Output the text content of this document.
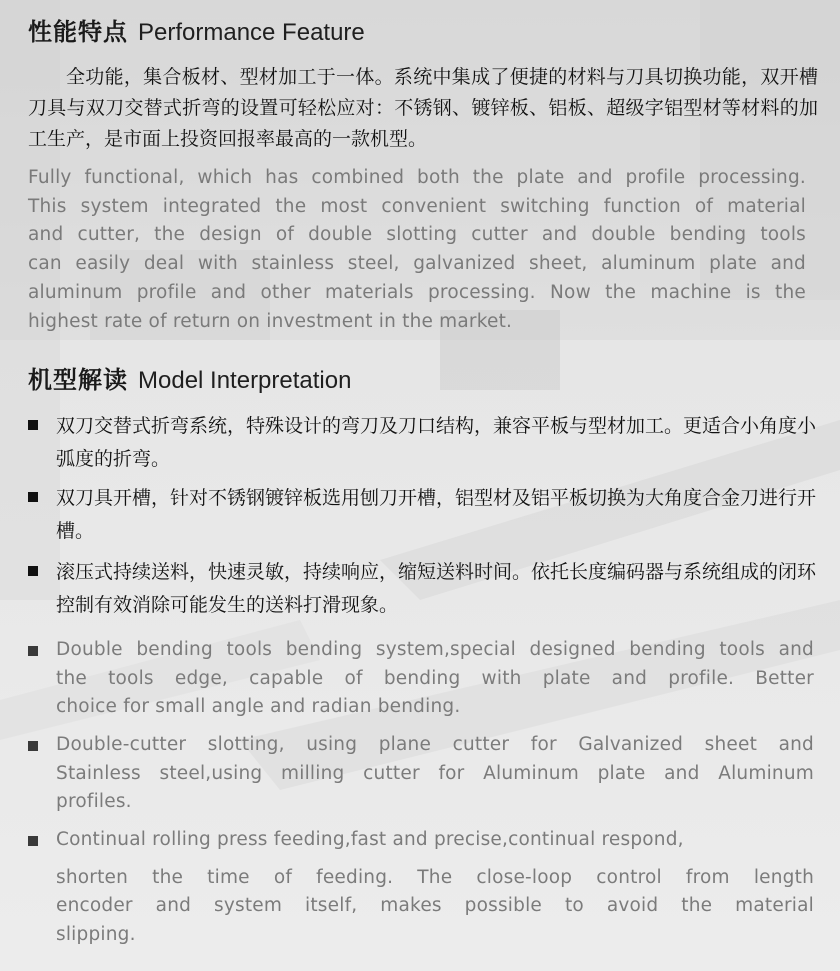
性能特点 Performance Feature

全功能，集合板材、型材加工于一体。系统中集成了便捷的材料与刀具切换功能，双开槽刀具与双刀交替式折弯的设置可轻松应对：不锈钢、镀锌板、铝板、超级字铝型材等材料的加工生产，是市面上投资回报率最高的一款机型。

Fully functional, which has combined both the plate and profile processing.
This system integrated the most convenient switching function of material
and cutter, the design of double slotting cutter and double bending tools
can easily deal with stainless steel, galvanized sheet, aluminum plate and
aluminum profile and other materials processing. Now the machine is the
highest rate of return on investment in the market.

机型解读 Model Interpretation
双刀交替式折弯系统，特殊设计的弯刀及刀口结构，兼容平板与型材加工。更适合小角度小弧度的折弯。
双刀具开槽，针对不锈钢镀锌板选用刨刀开槽，铝型材及铝平板切换为大角度合金刀进行开槽。
滚压式持续送料，快速灵敏，持续响应，缩短送料时间。依托长度编码器与系统组成的闭环控制有效消除可能发生的送料打滑现象。
Double bending tools bending system,special designed bending tools and
the tools edge, capable of bending with plate and profile. Better
choice for small angle and radian bending.
Double-cutter slotting, using plane cutter for Galvanized sheet and
Stainless steel,using milling cutter for Aluminum plate and Aluminum
profiles.
Continual rolling press feeding,fast and precise,continual respond,
shorten the time of feeding. The close-loop control from length
encoder and system itself, makes possible to avoid the material
slipping.
